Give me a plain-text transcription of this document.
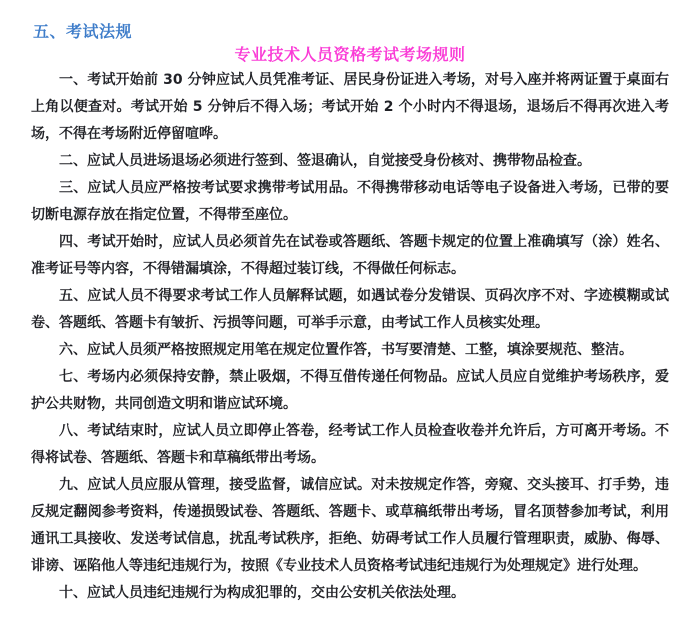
五、考试法规
专业技术人员资格考试考场规则

一、考试开始前 30 分钟应试人员凭准考证、居民身份证进入考场，对号入座并将两证置于桌面右上角以便查对。考试开始 5 分钟后不得入场；考试开始 2 个小时内不得退场，退场后不得再次进入考场，不得在考场附近停留喧哗。

二、应试人员进场退场必须进行签到、签退确认，自觉接受身份核对、携带物品检查。

三、应试人员应严格按考试要求携带考试用品。不得携带移动电话等电子设备进入考场，已带的要切断电源存放在指定位置，不得带至座位。

四、考试开始时，应试人员必须首先在试卷或答题纸、答题卡规定的位置上准确填写（涂）姓名、准考证号等内容，不得错漏填涂，不得超过装订线，不得做任何标志。

五、应试人员不得要求考试工作人员解释试题，如遇试卷分发错误、页码次序不对、字迹模糊或试卷、答题纸、答题卡有皱折、污损等问题，可举手示意，由考试工作人员核实处理。

六、应试人员须严格按照规定用笔在规定位置作答，书写要清楚、工整，填涂要规范、整洁。

七、考场内必须保持安静，禁止吸烟，不得互借传递任何物品。应试人员应自觉维护考场秩序，爱护公共财物，共同创造文明和谐应试环境。

八、考试结束时，应试人员立即停止答卷，经考试工作人员检查收卷并允许后，方可离开考场。不得将试卷、答题纸、答题卡和草稿纸带出考场。

九、应试人员应服从管理，接受监督，诚信应试。对未按规定作答，旁窥、交头接耳、打手势，违反规定翻阅参考资料，传递损毁试卷、答题纸、答题卡、或草稿纸带出考场，冒名顶替参加考试，利用通讯工具接收、发送考试信息，扰乱考试秩序，拒绝、妨碍考试工作人员履行管理职责，威胁、侮辱、诽谤、诬陷他人等违纪违规行为，按照《专业技术人员资格考试违纪违规行为处理规定》进行处理。

十、应试人员违纪违规行为构成犯罪的，交由公安机关依法处理。
